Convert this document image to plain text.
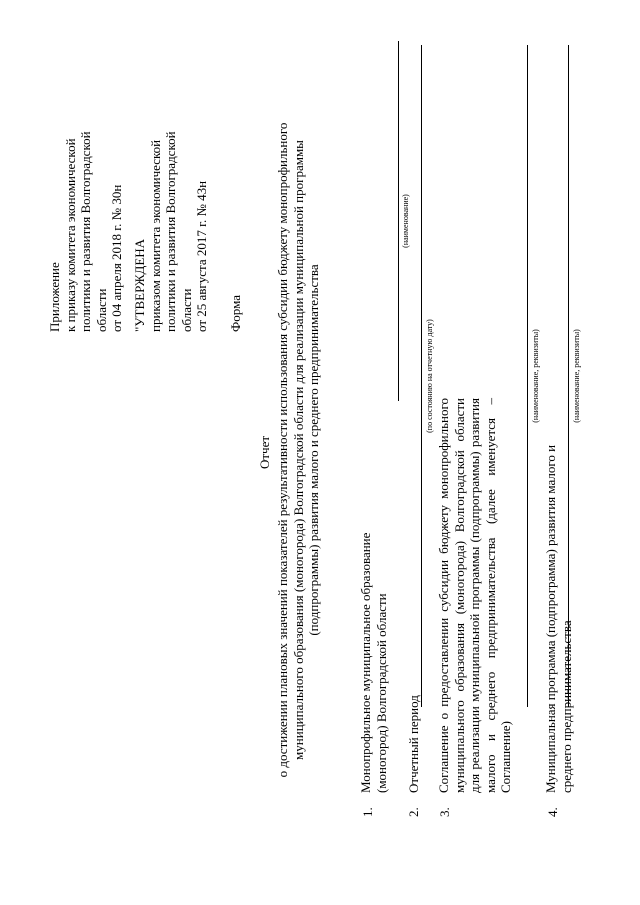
Приложение к приказу комитета экономической политики и развития Волгоградской области от 04 апреля 2018 г. № 30н "УТВЕРЖДЕНА приказом комитета экономической политики и развития Волгоградской области от 25 августа 2017 г. № 43н Форма
Отчет о достижении плановых значений показателей результативности использования субсидии бюджету монопрофильного муниципального образования (моногорода) Волгоградской области для реализации муниципальной программы (подпрограммы) развития малого и среднего предпринимательства
1.
Монопрофильное муниципальное образование (моногород) Волгоградской области
(наименование)
2.
Отчетный период
(по состоянию на отчетную дату)
3.
Соглашение о предоставлении субсидии бюджету монопрофильного муниципального образования (моногорода) Волгоградской области для реализации муниципальной программы (подпрограммы) развития малого и среднего предпринимательства (далее именуется – Соглашение)
(наименование, реквизиты)
4.
Муниципальная программа (подпрограмма) развития малого и среднего предпринимательства
(наименование, реквизиты)
